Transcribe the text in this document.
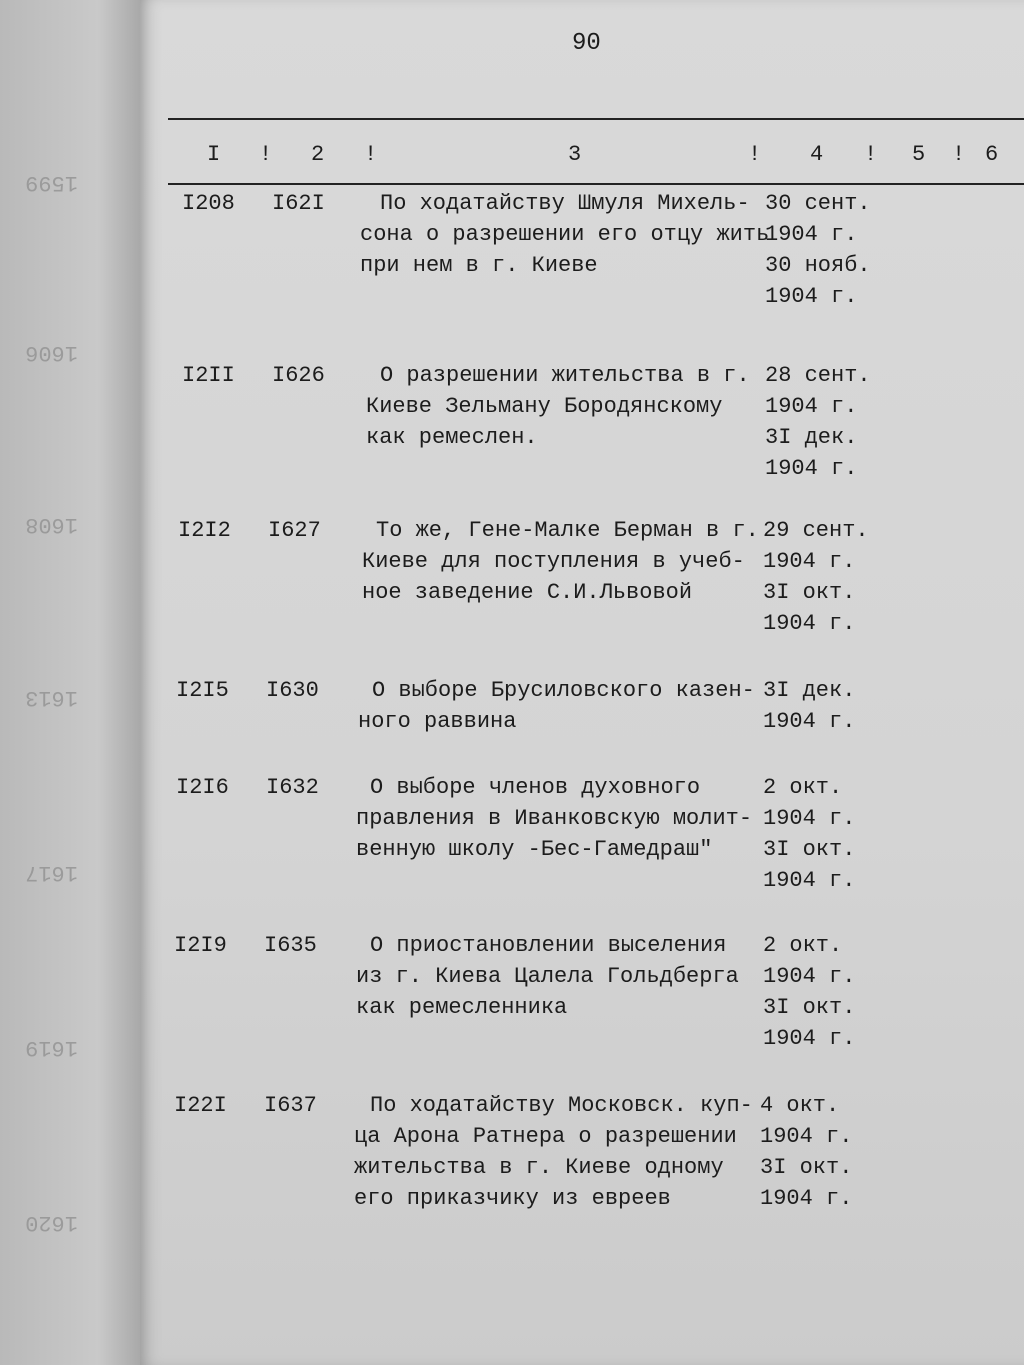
1599
1606
1608
1613
1617
1619
1620
90
I ! 2 !	3	! 4 ! 5 ! 6
I208 I62I	По ходатайству Шмуля Михель-
сона о разрешении его отцу жить
при нем в г. Киеве
30 сент.
1904 г.
30 нояб.
1904 г.
I2II I626	О разрешении жительства в г.
Киеве Зельману Бородянскому
как ремеслен.
28 сент.
1904 г.
3I дек.
1904 г.
I2I2 I627	То же, Гене-Малке Берман в г.
Киеве для поступления в учеб-
ное заведение С.И.Львовой
29 сент.
1904 г.
3I окт.
1904 г.
I2I5 I630 О выборе Брусиловского казен-
ного раввина
3I дек.
1904 г.
I2I6 I632 О выборе членов духовного
правления в Иванковскую молит-
венную школу -Бес-Гамедраш"
2 окт.
1904 г.
3I окт.
1904 г.
I2I9 I635 О приостановлении выселения
из г. Киева Цалела Гольдберга
как ремесленника
2 окт.
1904 г.
3I окт.
1904 г.
I22I I637 По ходатайству Московск. куп-
ца Арона Ратнера о разрешении
жительства в г. Киеве одному
его приказчику из евреев
4 окт.
1904 г.
3I окт.
1904 г.
